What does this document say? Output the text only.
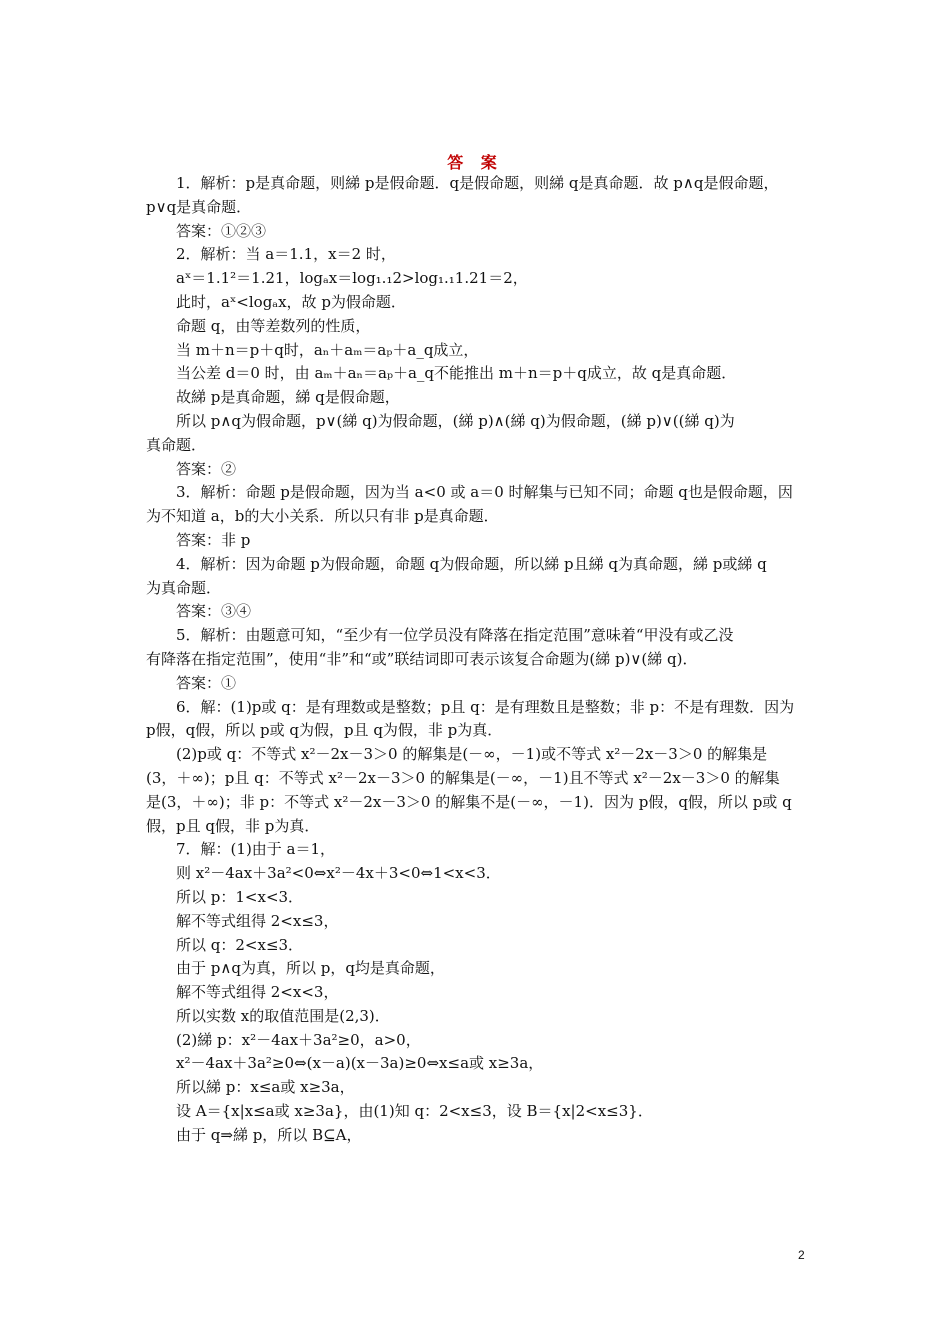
答 案
1．解析：p是真命题，则綈 p是假命题．q是假命题，则綈 q是真命题．故 p∧q是假命题，
p∨q是真命题．
答案：①②③
2．解析：当 a＝1.1，x＝2 时，
aˣ＝1.1²＝1.21，logₐx＝log₁.₁2>log₁.₁1.21＝2，
此时，aˣ<logₐx，故 p为假命题．
命题 q，由等差数列的性质，
当 m＋n＝p＋q时，aₙ＋aₘ＝aₚ＋a_q成立，
当公差 d＝0 时，由 aₘ＋aₙ＝aₚ＋a_q不能推出 m＋n＝p＋q成立，故 q是真命题．
故綈 p是真命题，綈 q是假命题，
所以 p∧q为假命题，p∨(綈 q)为假命题，(綈 p)∧(綈 q)为假命题，(綈 p)∨((綈 q)为
真命题．
答案：②
3．解析：命题 p是假命题，因为当 a<0 或 a＝0 时解集与已知不同；命题 q也是假命题，因
为不知道 a，b的大小关系．所以只有非 p是真命题．
答案：非 p
4．解析：因为命题 p为假命题，命题 q为假命题，所以綈 p且綈 q为真命题，綈 p或綈 q
为真命题．
答案：③④
5．解析：由题意可知，“至少有一位学员没有降落在指定范围”意味着“甲没有或乙没
有降落在指定范围”，使用“非”和“或”联结词即可表示该复合命题为(綈 p)∨(綈 q)．
答案：①
6．解：(1)p或 q：是有理数或是整数；p且 q：是有理数且是整数；非 p：不是有理数．因为
p假，q假，所以 p或 q为假，p且 q为假，非 p为真．
(2)p或 q：不等式 x²－2x－3＞0 的解集是(－∞，－1)或不等式 x²－2x－3＞0 的解集是
(3，＋∞)；p且 q：不等式 x²－2x－3＞0 的解集是(－∞，－1)且不等式 x²－2x－3＞0 的解集
是(3，＋∞)；非 p：不等式 x²－2x－3＞0 的解集不是(－∞，－1)．因为 p假，q假，所以 p或 q
假，p且 q假，非 p为真．
7．解：(1)由于 a＝1，
则 x²－4ax＋3a²<0⇔x²－4x＋3<0⇔1<x<3．
所以 p：1<x<3．
解不等式组得 2<x≤3，
所以 q：2<x≤3．
由于 p∧q为真，所以 p，q均是真命题，
解不等式组得 2<x<3，
所以实数 x的取值范围是(2,3)．
(2)綈 p：x²－4ax＋3a²≥0，a>0，
x²－4ax＋3a²≥0⇔(x－a)(x－3a)≥0⇔x≤a或 x≥3a，
所以綈 p：x≤a或 x≥3a，
设 A＝{x|x≤a或 x≥3a}，由(1)知 q：2<x≤3，设 B＝{x|2<x≤3}．
由于 q⇒綈 p，所以 B⊆A，
2
